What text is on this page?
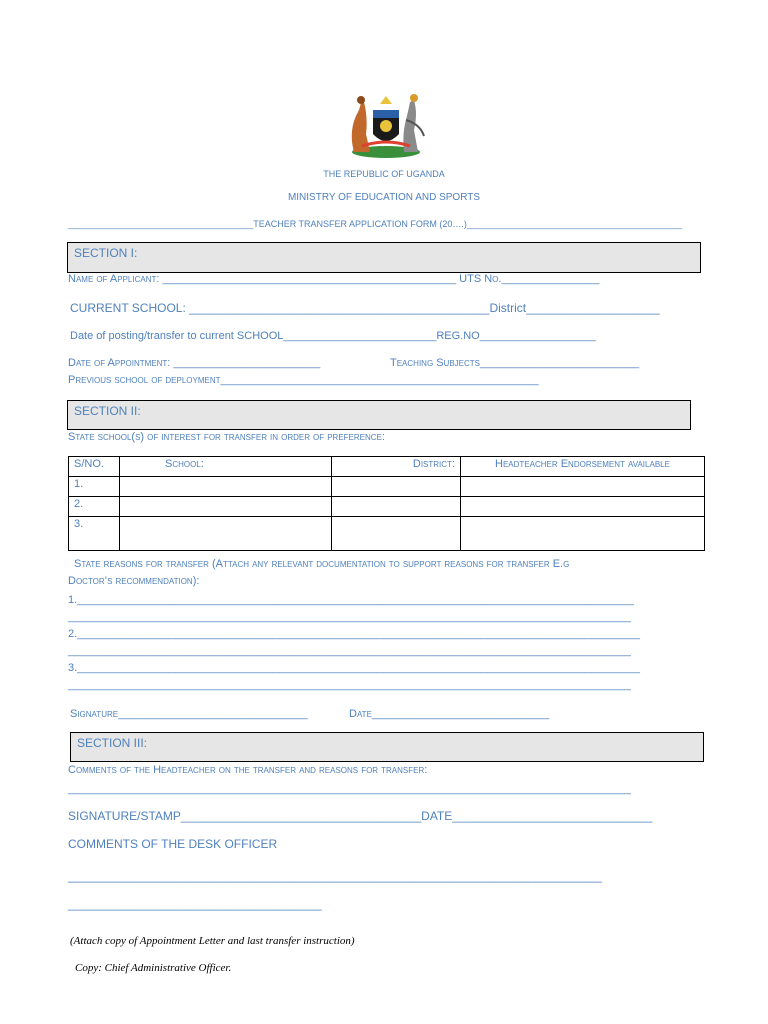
THE REPUBLIC OF UGANDA
MINISTRY OF EDUCATION AND SPORTS
_____________________________________TEACHER TRANSFER APPLICATION FORM (20….)___________________________________________
SECTION I:
Name of Applicant: ________________________________________________ UTS No.________________
CURRENT SCHOOL: _____________________________________________District____________________
Date of posting/transfer to current SCHOOL_________________________REG.NO___________________
Date of Appointment: ________________________	Teaching Subjects__________________________
Previous school of deployment____________________________________________________
SECTION II:
State school(s) of interest for transfer in order of preference:
S/NO.	School:	District:	Headteacher Endorsement available
1.			
2.			
3.			
State reasons for transfer (Attach any relevant documentation to support reasons for transfer E.g
Doctor’s recommendation):
1.___________________________________________________________________________________________
____________________________________________________________________________________________
2.____________________________________________________________________________________________
____________________________________________________________________________________________
3.____________________________________________________________________________________________
____________________________________________________________________________________________
Signature_______________________________	Date_____________________________
SECTION III:
Comments of the Headteacher on the transfer and reasons for transfer:
____________________________________________________________________________________________
SIGNATURE/STAMP____________________________________DATE______________________________
COMMENTS OF THE DESK OFFICER
________________________________________________________________________________
______________________________________
(Attach copy of Appointment Letter and last transfer instruction)
Copy: Chief Administrative Officer.
